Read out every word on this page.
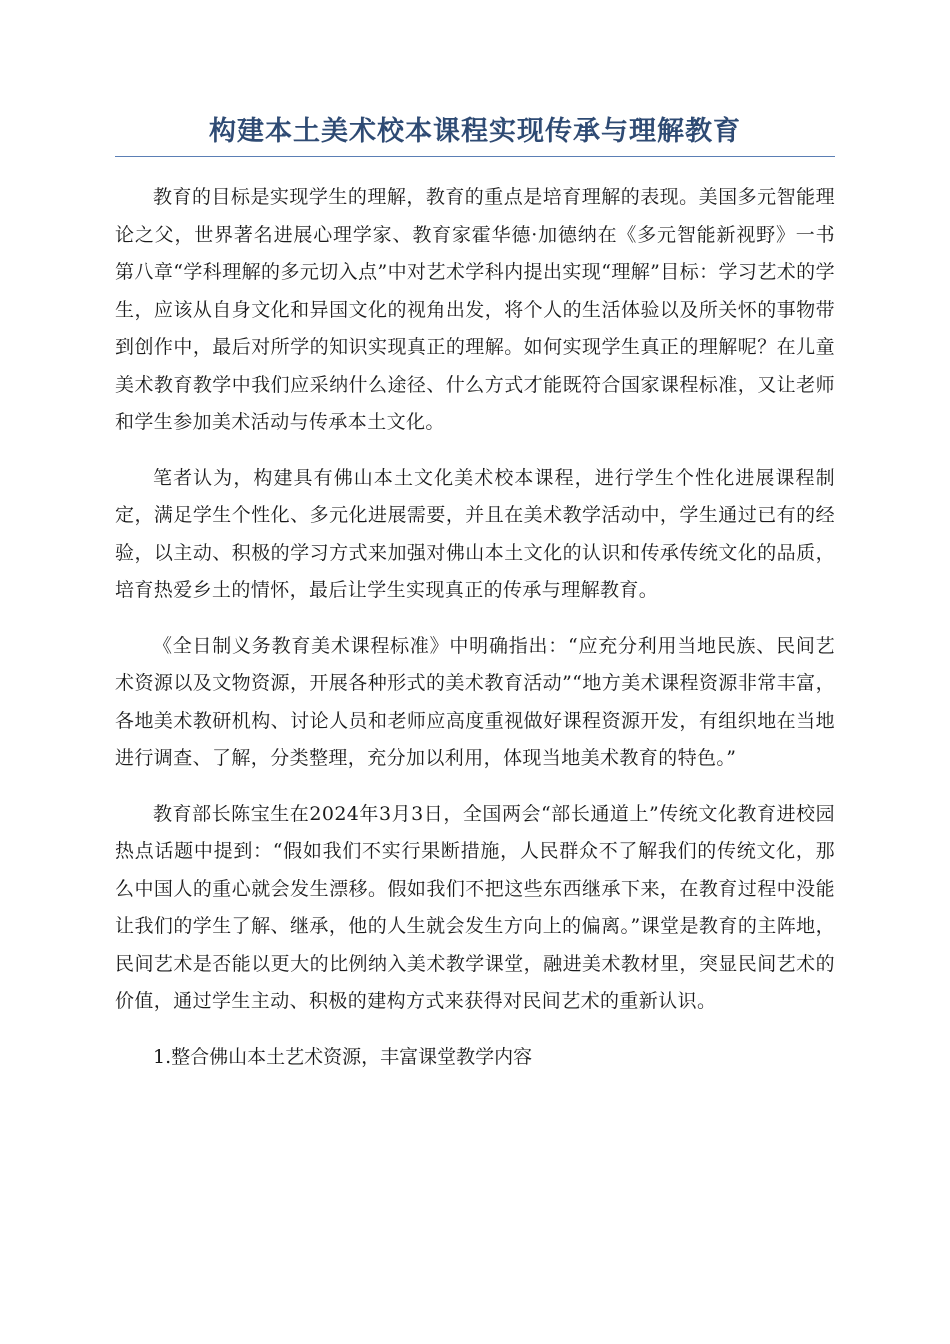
构建本土美术校本课程实现传承与理解教育

教育的目标是实现学生的理解，教育的重点是培育理解的表现。美国多元智能理论之父，世界著名进展心理学家、教育家霍华德·加德纳在《多元智能新视野》一书第八章“学科理解的多元切入点”中对艺术学科内提出实现“理解”目标：学习艺术的学生，应该从自身文化和异国文化的视角出发，将个人的生活体验以及所关怀的事物带到创作中，最后对所学的知识实现真正的理解。如何实现学生真正的理解呢？在儿童美术教育教学中我们应采纳什么途径、什么方式才能既符合国家课程标准，又让老师和学生参加美术活动与传承本土文化。

笔者认为，构建具有佛山本土文化美术校本课程，进行学生个性化进展课程制定，满足学生个性化、多元化进展需要，并且在美术教学活动中，学生通过已有的经验，以主动、积极的学习方式来加强对佛山本土文化的认识和传承传统文化的品质，培育热爱乡土的情怀，最后让学生实现真正的传承与理解教育。

《全日制义务教育美术课程标准》中明确指出：“应充分利用当地民族、民间艺术资源以及文物资源，开展各种形式的美术教育活动”“地方美术课程资源非常丰富，各地美术教研机构、讨论人员和老师应高度重视做好课程资源开发，有组织地在当地进行调查、了解，分类整理，充分加以利用，体现当地美术教育的特色。”

教育部长陈宝生在2024年3月3日，全国两会“部长通道上”传统文化教育进校园热点话题中提到：“假如我们不实行果断措施，人民群众不了解我们的传统文化，那么中国人的重心就会发生漂移。假如我们不把这些东西继承下来，在教育过程中没能让我们的学生了解、继承，他的人生就会发生方向上的偏离。”课堂是教育的主阵地，民间艺术是否能以更大的比例纳入美术教学课堂，融进美术教材里，突显民间艺术的价值，通过学生主动、积极的建构方式来获得对民间艺术的重新认识。

1.整合佛山本土艺术资源，丰富课堂教学内容
